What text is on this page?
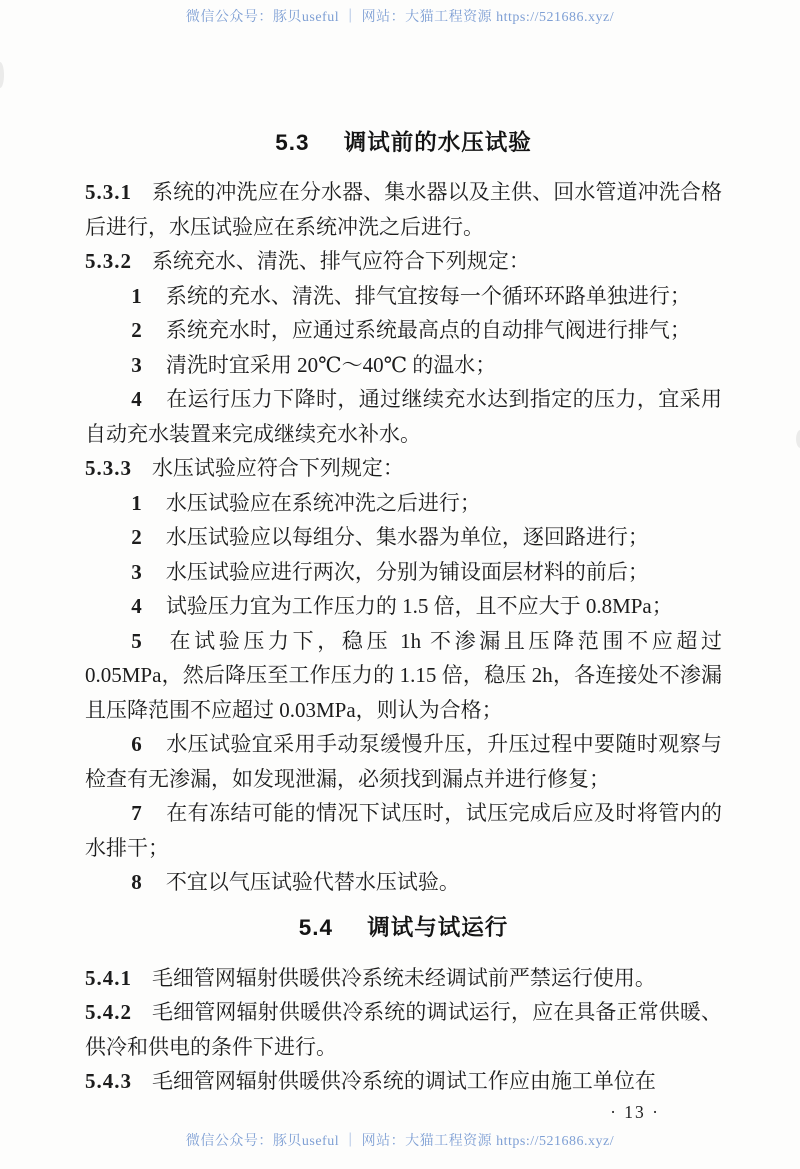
微信公众号：豚贝useful ｜ 网站：大猫工程资源 https://521686.xyz/
5.3 调试前的水压试验

5.3.1 系统的冲洗应在分水器、集水器以及主供、回水管道冲洗合格后进行，水压试验应在系统冲洗之后进行。

5.3.2 系统充水、清洗、排气应符合下列规定：

1 系统的充水、清洗、排气宜按每一个循环环路单独进行；

2 系统充水时，应通过系统最高点的自动排气阀进行排气；

3 清洗时宜采用 20℃～40℃ 的温水；

4 在运行压力下降时，通过继续充水达到指定的压力，宜采用自动充水装置来完成继续充水补水。

5.3.3 水压试验应符合下列规定：

1 水压试验应在系统冲洗之后进行；

2 水压试验应以每组分、集水器为单位，逐回路进行；

3 水压试验应进行两次，分别为铺设面层材料的前后；

4 试验压力宜为工作压力的 1.5 倍，且不应大于 0.8MPa；

5 在试验压力下，稳压 1h 不渗漏且压降范围不应超过 0.05MPa，然后降压至工作压力的 1.15 倍，稳压 2h，各连接处不渗漏且压降范围不应超过 0.03MPa，则认为合格；

6 水压试验宜采用手动泵缓慢升压，升压过程中要随时观察与检查有无渗漏，如发现泄漏，必须找到漏点并进行修复；

7 在有冻结可能的情况下试压时，试压完成后应及时将管内的水排干；

8 不宜以气压试验代替水压试验。

5.4 调试与试运行

5.4.1 毛细管网辐射供暖供冷系统未经调试前严禁运行使用。

5.4.2 毛细管网辐射供暖供冷系统的调试运行，应在具备正常供暖、供冷和供电的条件下进行。

5.4.3 毛细管网辐射供暖供冷系统的调试工作应由施工单位在

· 13 ·

微信公众号：豚贝useful ｜ 网站：大猫工程资源 https://521686.xyz/
